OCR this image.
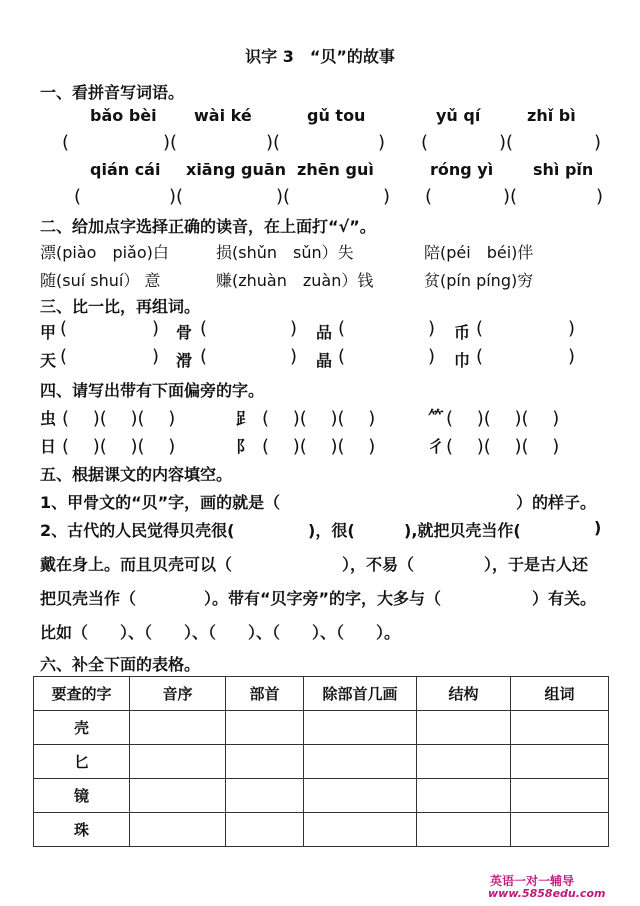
识字 3　“贝”的故事
一、看拼音写词语。
bǎo bèi wài ké	gǔ tou	yǔ qí	zhǐ bì
(	)(	)(	) (	)(	)
qián cái xiāng guān zhēn guì	róng yì shì pǐn
(	)(	)(	) (	)(	)
二、给加点字选择正确的读音，在上面打“√”。
漂(piào　piǎo)白	损(shǔn　sǔn）失	陪(péi　béi)伴
随(suí shuí） 意	赚(zhuàn　zuàn）钱	贫(pín píng)穷
三、比一比，再组词。
甲 (	) 骨 (	) 品 (	) 币 (	)
天 (	) 滑 (	) 晶 (	) 巾 (	)
四、请写出带有下面偏旁的字。
虫 (　 )(　 )(　 )	𧾷 (　 )(　 )(　 )	⺮ (　 )(　 )(　 )
日 (　 )(　 )(　 )	阝 (　 )(　 )(　 )	彳 (　 )(　 )(　 )
五、根据课文的内容填空。
1、甲骨文的“贝”字，画的就是（	）的样子。
2、古代的人民觉得贝壳很(	)，很(	),就把贝壳当作(	)
戴在身上。而且贝壳可以（	），不易（	），于是古人还
把贝壳当作（	）。带有“贝字旁”的字，大多与（	）有关。
比如（　　）、（　　）、（　　）、（　　）、（　　）。
六、补全下面的表格。
要查的字	音序	部首	除部首几画	结构	组词
壳					
匕					
镜					
珠					
英语一对一辅导
www.5858edu.com
